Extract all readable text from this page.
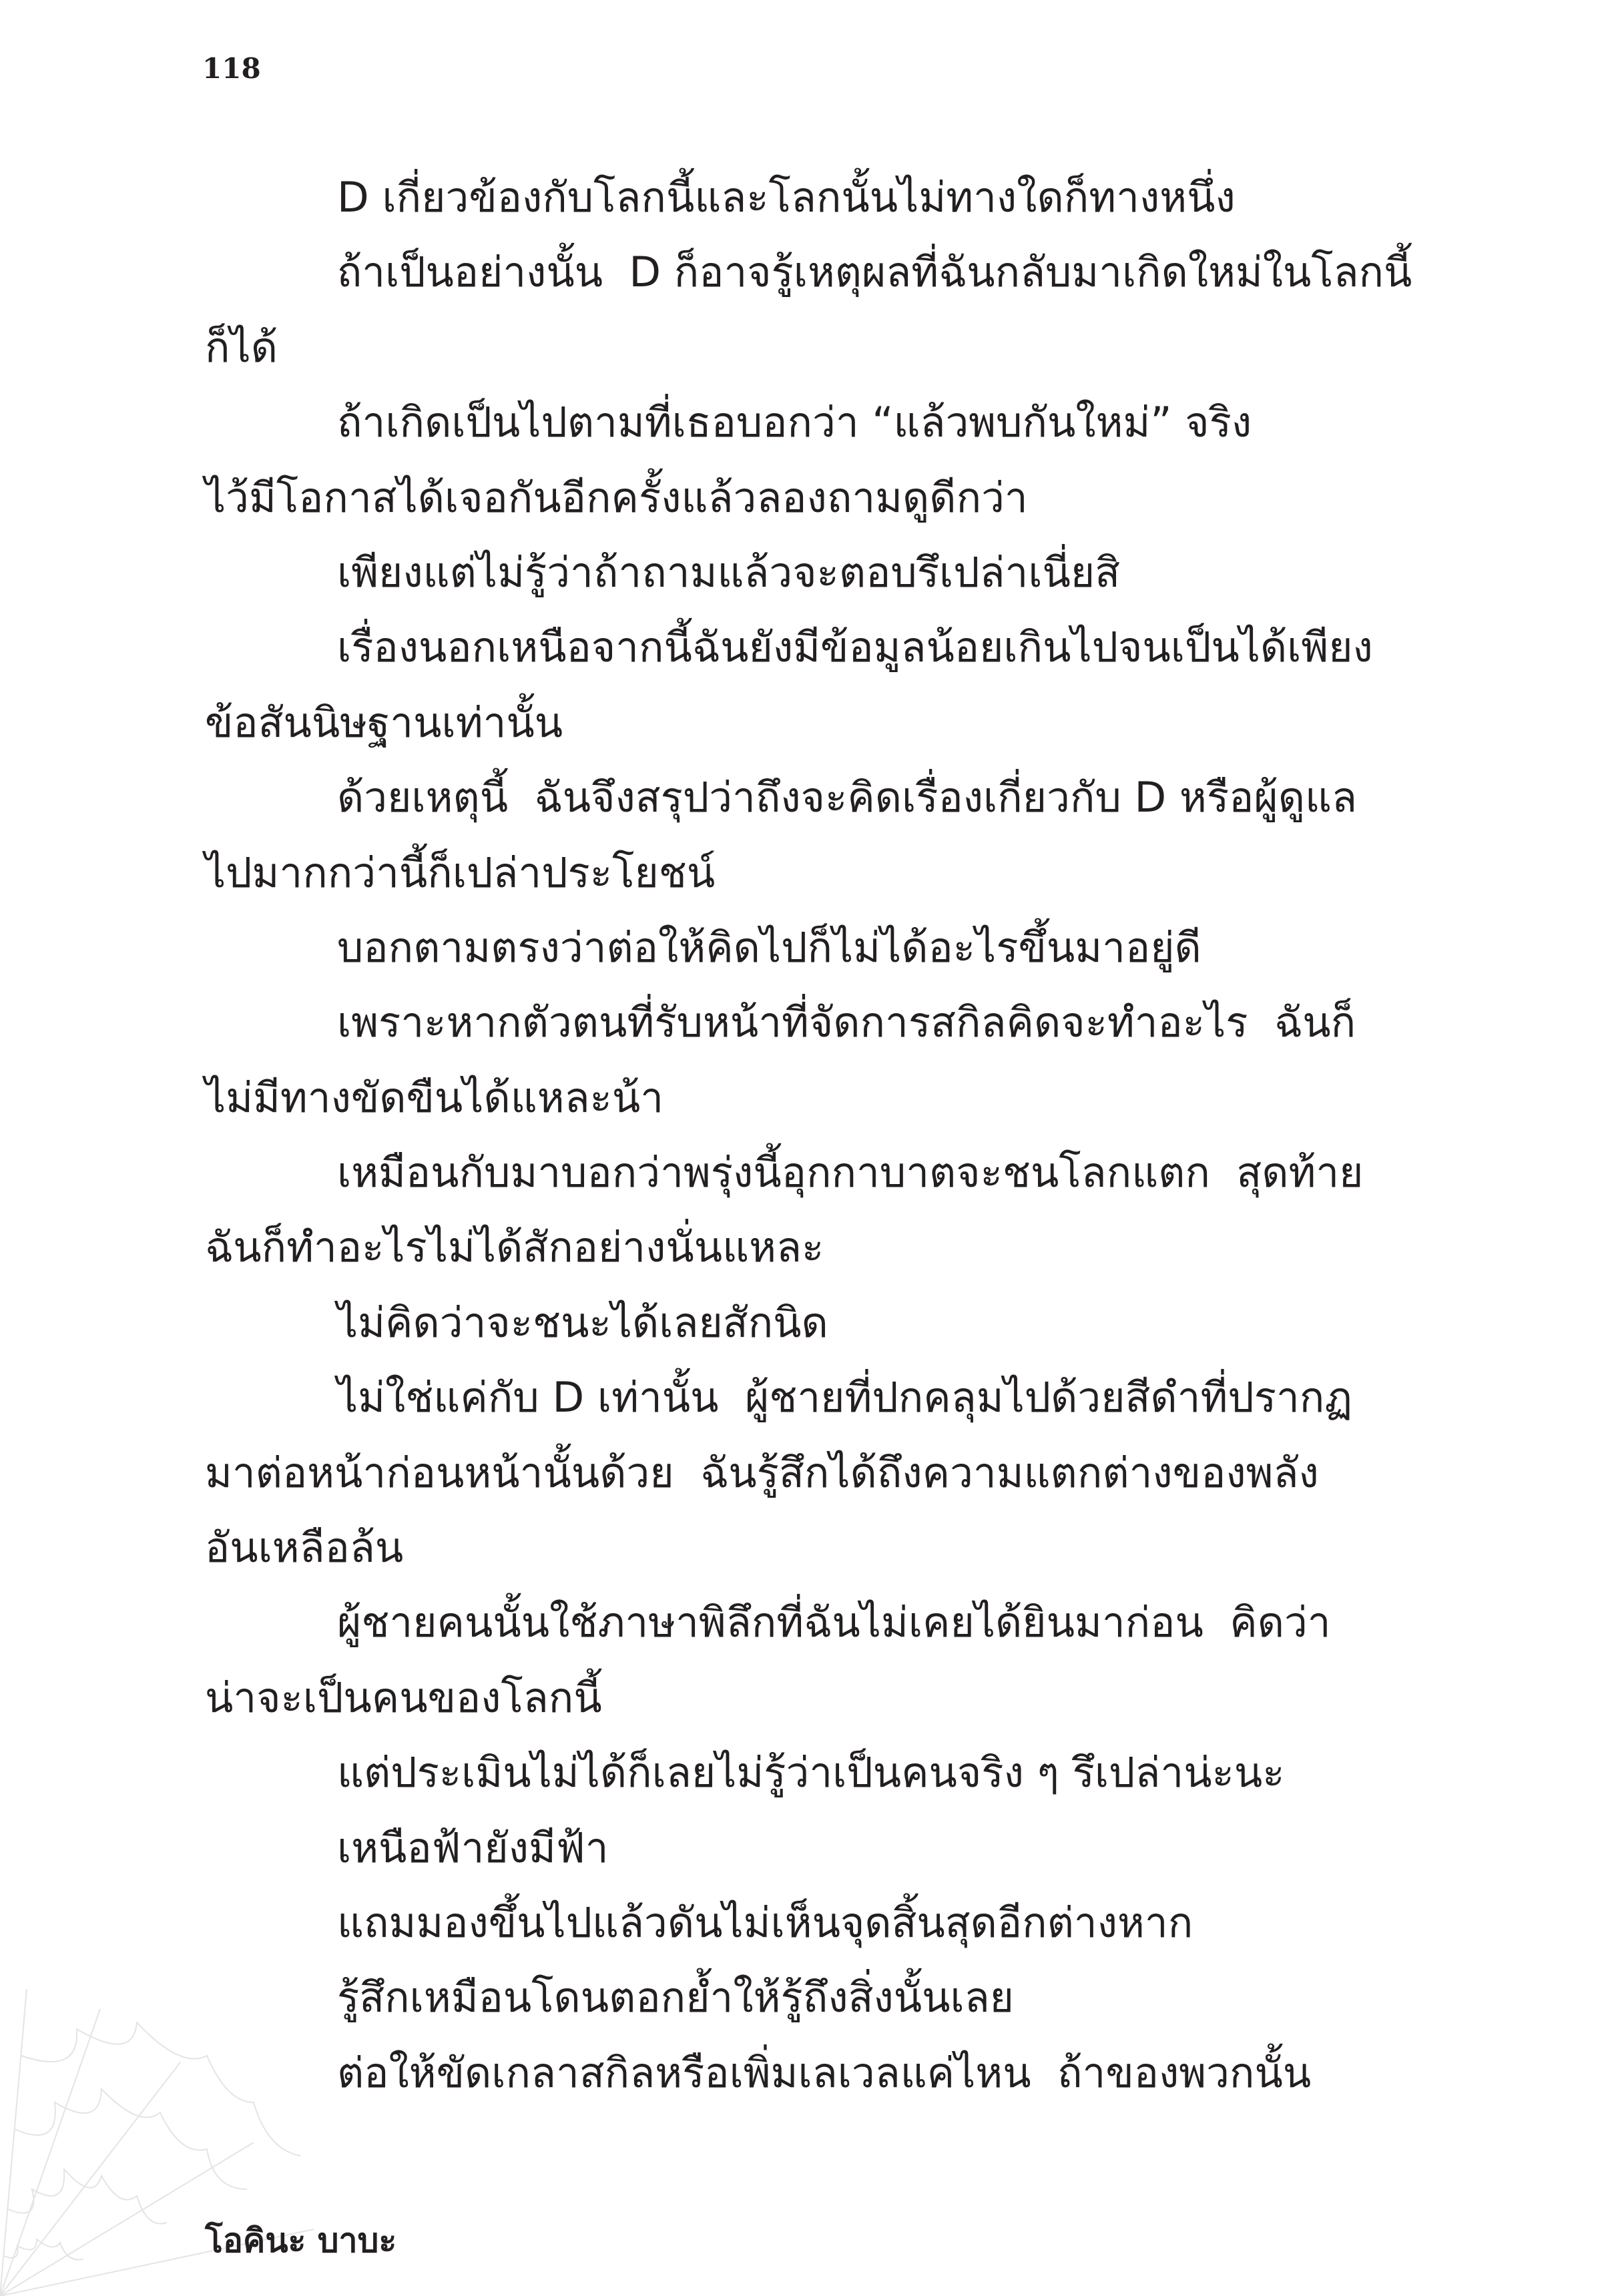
118
D เกี่ยวข้องกับโลกนี้และโลกนั้นไม่ทางใดก็ทางหนึ่ง
ถ้าเป็นอย่างนั้น  D ก็อาจรู้เหตุผลที่ฉันกลับมาเกิดใหม่ในโลกนี้
ก็ได้
ถ้าเกิดเป็นไปตามที่เธอบอกว่า “แล้วพบกันใหม่” จริง
ไว้มีโอกาสได้เจอกันอีกครั้งแล้วลองถามดูดีกว่า
เพียงแต่ไม่รู้ว่าถ้าถามแล้วจะตอบรึเปล่าเนี่ยสิ
เรื่องนอกเหนือจากนี้ฉันยังมีข้อมูลน้อยเกินไปจนเป็นได้เพียง
ข้อสันนิษฐานเท่านั้น
ด้วยเหตุนี้  ฉันจึงสรุปว่าถึงจะคิดเรื่องเกี่ยวกับ D หรือผู้ดูแล
ไปมากกว่านี้ก็เปล่าประโยชน์
บอกตามตรงว่าต่อให้คิดไปก็ไม่ได้อะไรขึ้นมาอยู่ดี
เพราะหากตัวตนที่รับหน้าที่จัดการสกิลคิดจะทำอะไร  ฉันก็
ไม่มีทางขัดขืนได้แหละน้า
เหมือนกับมาบอกว่าพรุ่งนี้อุกกาบาตจะชนโลกแตก  สุดท้าย
ฉันก็ทำอะไรไม่ได้สักอย่างนั่นแหละ
ไม่คิดว่าจะชนะได้เลยสักนิด
ไม่ใช่แค่กับ D เท่านั้น  ผู้ชายที่ปกคลุมไปด้วยสีดำที่ปรากฏ
มาต่อหน้าก่อนหน้านั้นด้วย  ฉันรู้สึกได้ถึงความแตกต่างของพลัง
อันเหลือล้น
ผู้ชายคนนั้นใช้ภาษาพิลึกที่ฉันไม่เคยได้ยินมาก่อน  คิดว่า
น่าจะเป็นคนของโลกนี้
แต่ประเมินไม่ได้ก็เลยไม่รู้ว่าเป็นคนจริง ๆ รึเปล่าน่ะนะ
เหนือฟ้ายังมีฟ้า
แถมมองขึ้นไปแล้วดันไม่เห็นจุดสิ้นสุดอีกต่างหาก
รู้สึกเหมือนโดนตอกย้ำให้รู้ถึงสิ่งนั้นเลย
ต่อให้ขัดเกลาสกิลหรือเพิ่มเลเวลแค่ไหน  ถ้าของพวกนั้น
โอคินะ บาบะ
